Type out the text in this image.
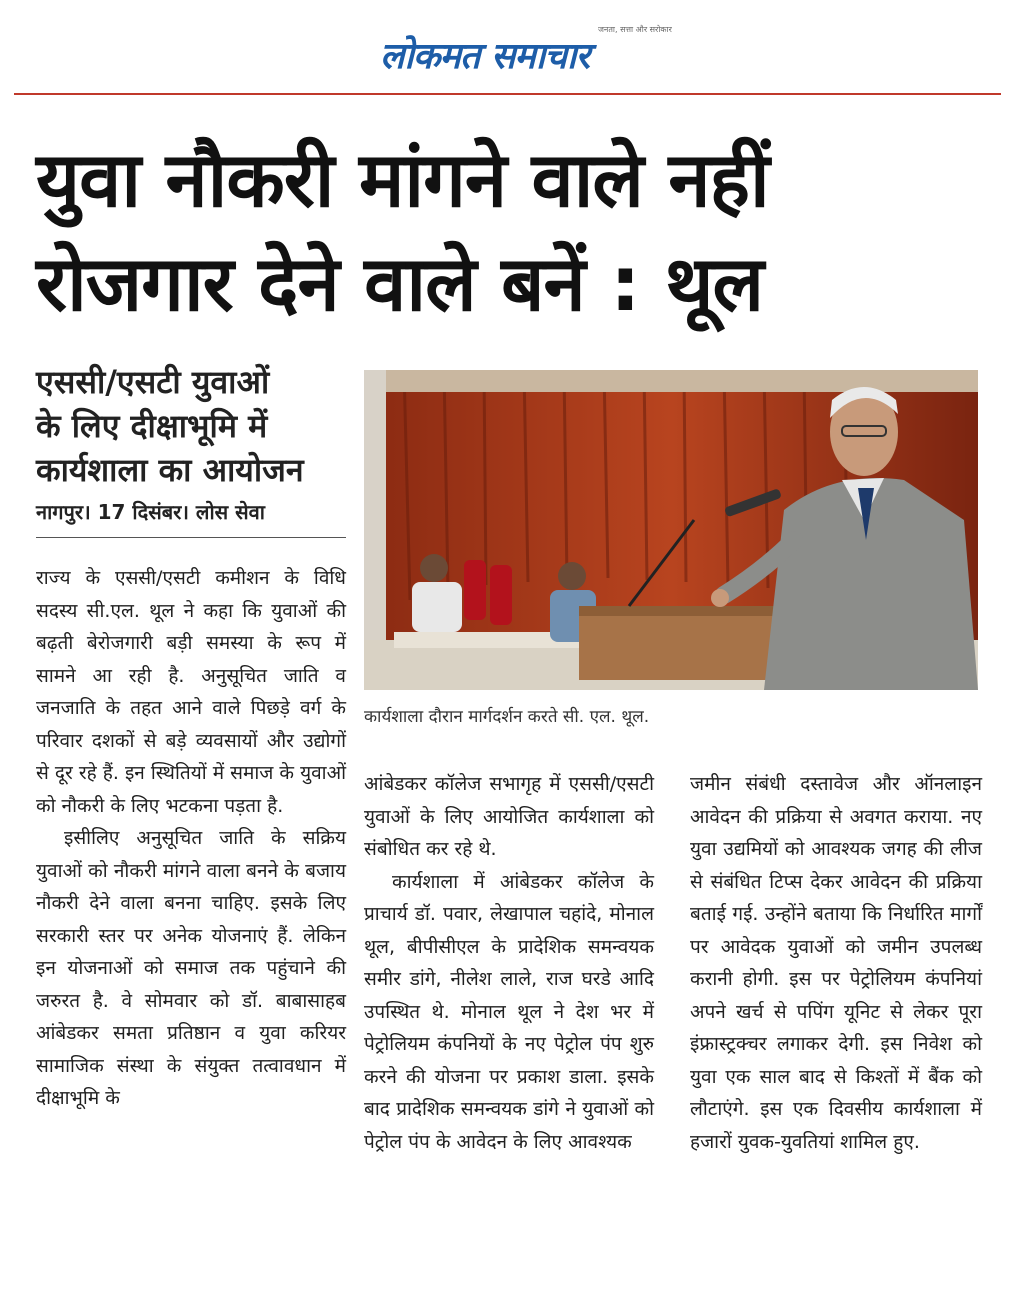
लोकमत समाचार
जनता, सत्ता और सरोकार
युवा नौकरी मांगने वाले नहीं
रोजगार देने वाले बनें : थूल
एससी/एसटी युवाओं
के लिए दीक्षाभूमि में
कार्यशाला का आयोजन
नागपुर। 17 दिसंबर। लोस सेवा
कार्यशाला दौरान मार्गदर्शन करते सी. एल. थूल.

राज्य के एससी/एसटी कमीशन के विधि सदस्य सी.एल. थूल ने कहा कि युवाओं की बढ़ती बेरोजगारी बड़ी समस्या के रूप में सामने आ रही है. अनुसूचित जाति व जनजाति के तहत आने वाले पिछड़े वर्ग के परिवार दशकों से बड़े व्यवसायों और उद्योगों से दूर रहे हैं. इन स्थितियों में समाज के युवाओं को नौकरी के लिए भटकना पड़ता है.

इसीलिए अनुसूचित जाति के सक्रिय युवाओं को नौकरी मांगने वाला बनने के बजाय नौकरी देने वाला बनना चाहिए. इसके लिए सरकारी स्तर पर अनेक योजनाएं हैं. लेकिन इन योजनाओं को समाज तक पहुंचाने की जरुरत है. वे सोमवार को डॉ. बाबासाहब आंबेडकर समता प्रतिष्ठान व युवा करियर सामाजिक संस्था के संयुक्त तत्वावधान में दीक्षाभूमि के

आंबेडकर कॉलेज सभागृह में एससी/एसटी युवाओं के लिए आयोजित कार्यशाला को संबोधित कर रहे थे.

कार्यशाला में आंबेडकर कॉलेज के प्राचार्य डॉ. पवार, लेखापाल चहांदे, मोनाल थूल, बीपीसीएल के प्रादेशिक समन्वयक समीर डांगे, नीलेश लाले, राज घरडे आदि उपस्थित थे. मोनाल थूल ने देश भर में पेट्रोलियम कंपनियों के नए पेट्रोल पंप शुरु करने की योजना पर प्रकाश डाला. इसके बाद प्रादेशिक समन्वयक डांगे ने युवाओं को पेट्रोल पंप के आवेदन के लिए आवश्यक

जमीन संबंधी दस्तावेज और ऑनलाइन आवेदन की प्रक्रिया से अवगत कराया. नए युवा उद्यमियों को आवश्यक जगह की लीज से संबंधित टिप्स देकर आवेदन की प्रक्रिया बताई गई. उन्होंने बताया कि निर्धारित मार्गों पर आवेदक युवाओं को जमीन उपलब्ध करानी होगी. इस पर पेट्रोलियम कंपनियां अपने खर्च से पपिंग यूनिट से लेकर पूरा इंफ्रास्ट्रक्चर लगाकर देगी. इस निवेश को युवा एक साल बाद से किश्तों में बैंक को लौटाएंगे. इस एक दिवसीय कार्यशाला में हजारों युवक-युवतियां शामिल हुए.
